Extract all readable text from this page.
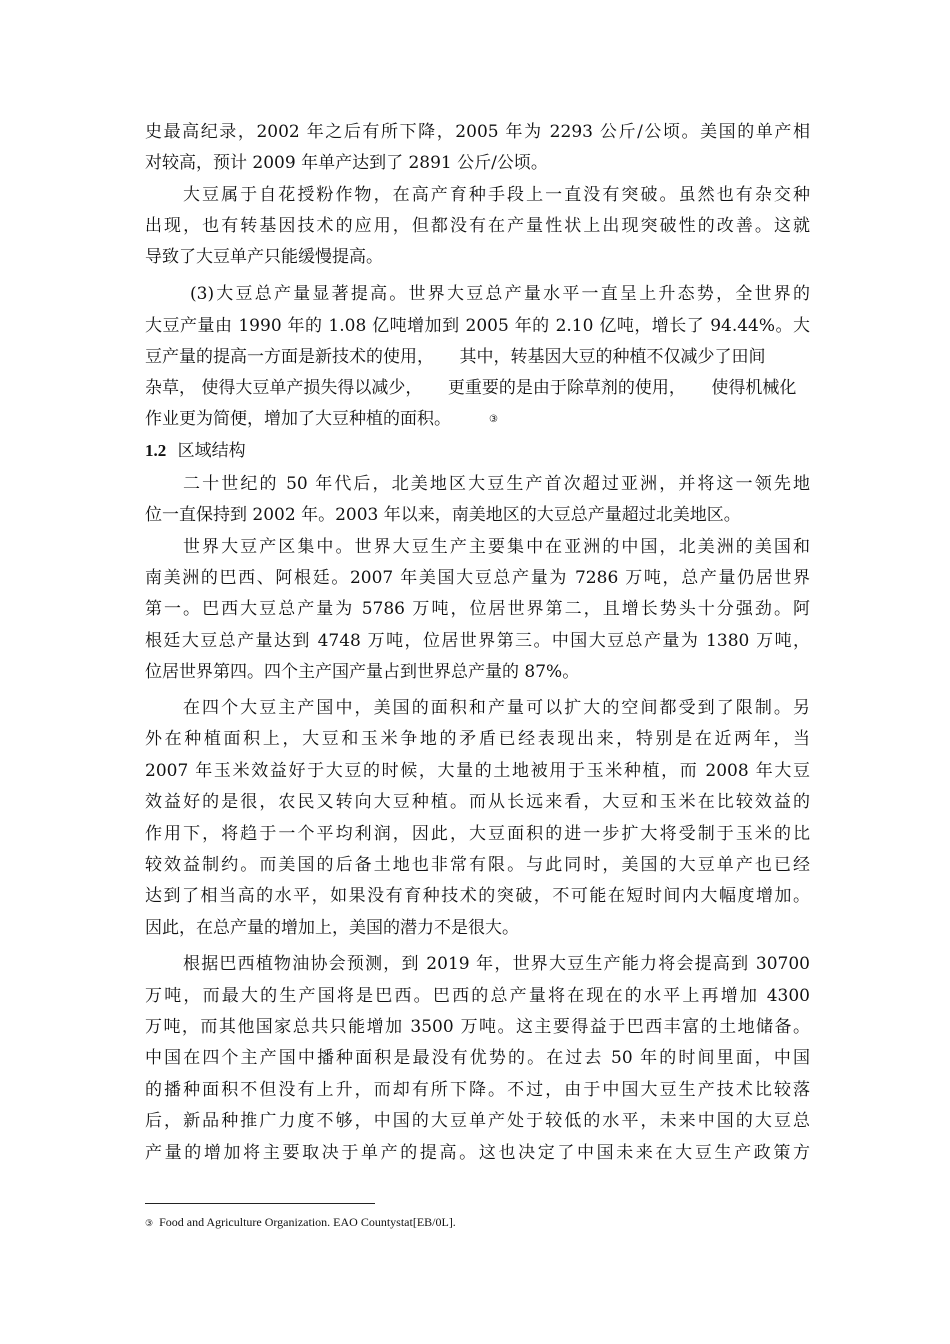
史最高纪录，2002 年之后有所下降，2005 年为 2293 公斤/公顷。美国的单产相
对较高，预计 2009 年单产达到了 2891 公斤/公顷。
大豆属于自花授粉作物，在高产育种手段上一直没有突破。虽然也有杂交种
出现，也有转基因技术的应用，但都没有在产量性状上出现突破性的改善。这就
导致了大豆单产只能缓慢提高。
(3)大豆总产量显著提高。世界大豆总产量水平一直呈上升态势，全世界的
大豆产量由 1990 年的 1.08 亿吨增加到 2005 年的 2.10 亿吨，增长了 94.44%。大
豆产量的提高一方面是新技术的使用，　　其中，转基因大豆的种植不仅减少了田间
杂草， 使得大豆单产损失得以减少，　　更重要的是由于除草剂的使用，　　使得机械化
作业更为简便，增加了大豆种植的面积。	③
1.2 区域结构
二十世纪的 50 年代后，北美地区大豆生产首次超过亚洲，并将这一领先地
位一直保持到 2002 年。2003 年以来，南美地区的大豆总产量超过北美地区。
世界大豆产区集中。世界大豆生产主要集中在亚洲的中国，北美洲的美国和
南美洲的巴西、阿根廷。2007 年美国大豆总产量为 7286 万吨，总产量仍居世界
第一。巴西大豆总产量为 5786 万吨，位居世界第二，且增长势头十分强劲。阿
根廷大豆总产量达到 4748 万吨，位居世界第三。中国大豆总产量为 1380 万吨，
位居世界第四。四个主产国产量占到世界总产量的 87%。
在四个大豆主产国中，美国的面积和产量可以扩大的空间都受到了限制。另
外在种植面积上，大豆和玉米争地的矛盾已经表现出来，特别是在近两年，当
2007 年玉米效益好于大豆的时候，大量的土地被用于玉米种植，而 2008 年大豆
效益好的是很，农民又转向大豆种植。而从长远来看，大豆和玉米在比较效益的
作用下，将趋于一个平均利润，因此，大豆面积的进一步扩大将受制于玉米的比
较效益制约。而美国的后备土地也非常有限。与此同时，美国的大豆单产也已经
达到了相当高的水平，如果没有育种技术的突破，不可能在短时间内大幅度增加。
因此，在总产量的增加上，美国的潜力不是很大。
根据巴西植物油协会预测，到 2019 年，世界大豆生产能力将会提高到 30700
万吨，而最大的生产国将是巴西。巴西的总产量将在现在的水平上再增加 4300
万吨，而其他国家总共只能增加 3500 万吨。这主要得益于巴西丰富的土地储备。
中国在四个主产国中播种面积是最没有优势的。在过去 50 年的时间里面，中国
的播种面积不但没有上升，而却有所下降。不过，由于中国大豆生产技术比较落
后，新品种推广力度不够，中国的大豆单产处于较低的水平，未来中国的大豆总
产量的增加将主要取决于单产的提高。这也决定了中国未来在大豆生产政策方
③ Food and Agriculture Organization. EAO Countystat[EB/0L].
